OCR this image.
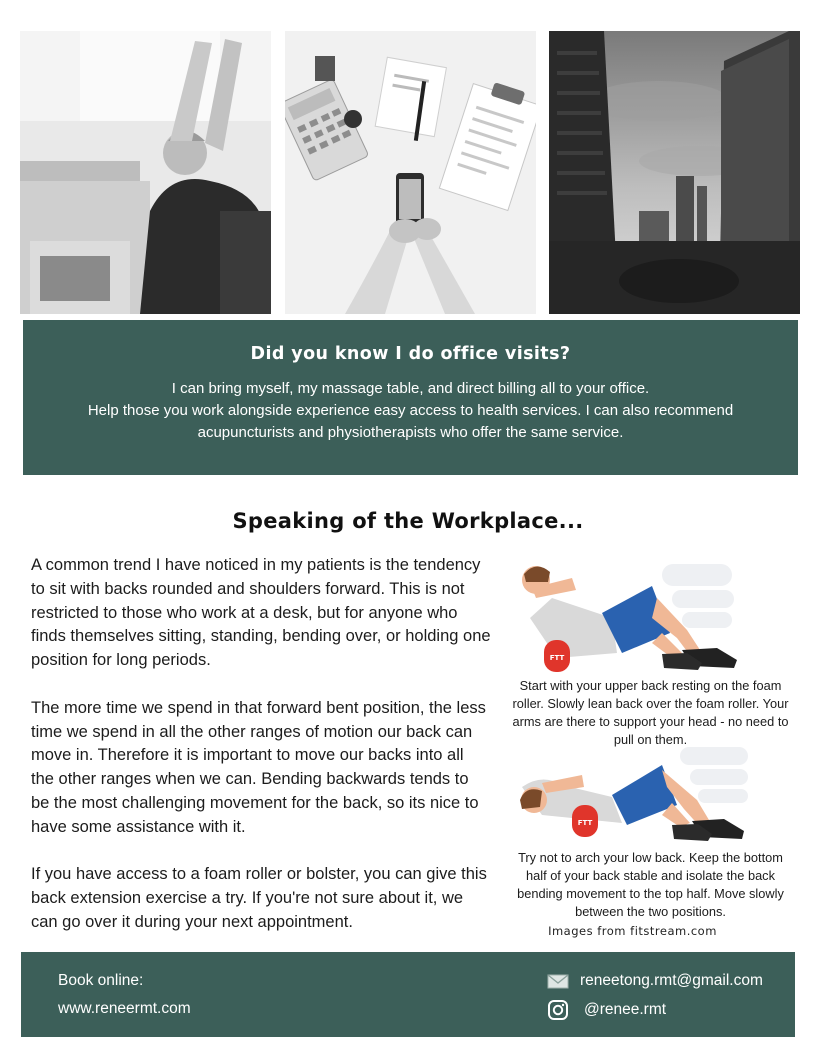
Did you know I do office visits?
I can bring myself, my massage table, and direct billing all to your office.
Help those you work alongside experience easy access to health services. I can also recommend acupuncturists and physiotherapists who offer the same service.
Speaking of the Workplace...

A common trend I have noticed in my patients is the tendency to sit with backs rounded and shoulders forward. This is not restricted to those who work at a desk, but for anyone who finds themselves sitting, standing, bending over, or holding one position for long periods.

The more time we spend in that forward bent position, the less time we spend in all the other ranges of motion our back can move in. Therefore it is important to move our backs into all the other ranges when we can. Bending backwards tends to be the most challenging movement for the back, so its nice to have some assistance with it.

If you have access to a foam roller or bolster, you can give this back extension exercise a try. If you're not sure about it, we can go over it during your next appointment.

FTT
Start with your upper back resting on the foam roller. Slowly lean back over the foam roller. Your arms are there to support your head - no need to pull on them.
FTT
Try not to arch your low back. Keep the bottom half of your back stable and isolate the back bending movement to the top half. Move slowly between the two positions.
Images from fitstream.com
Book online:
www.reneermt.com
reneetong.rmt@gmail.com
@renee.rmt
